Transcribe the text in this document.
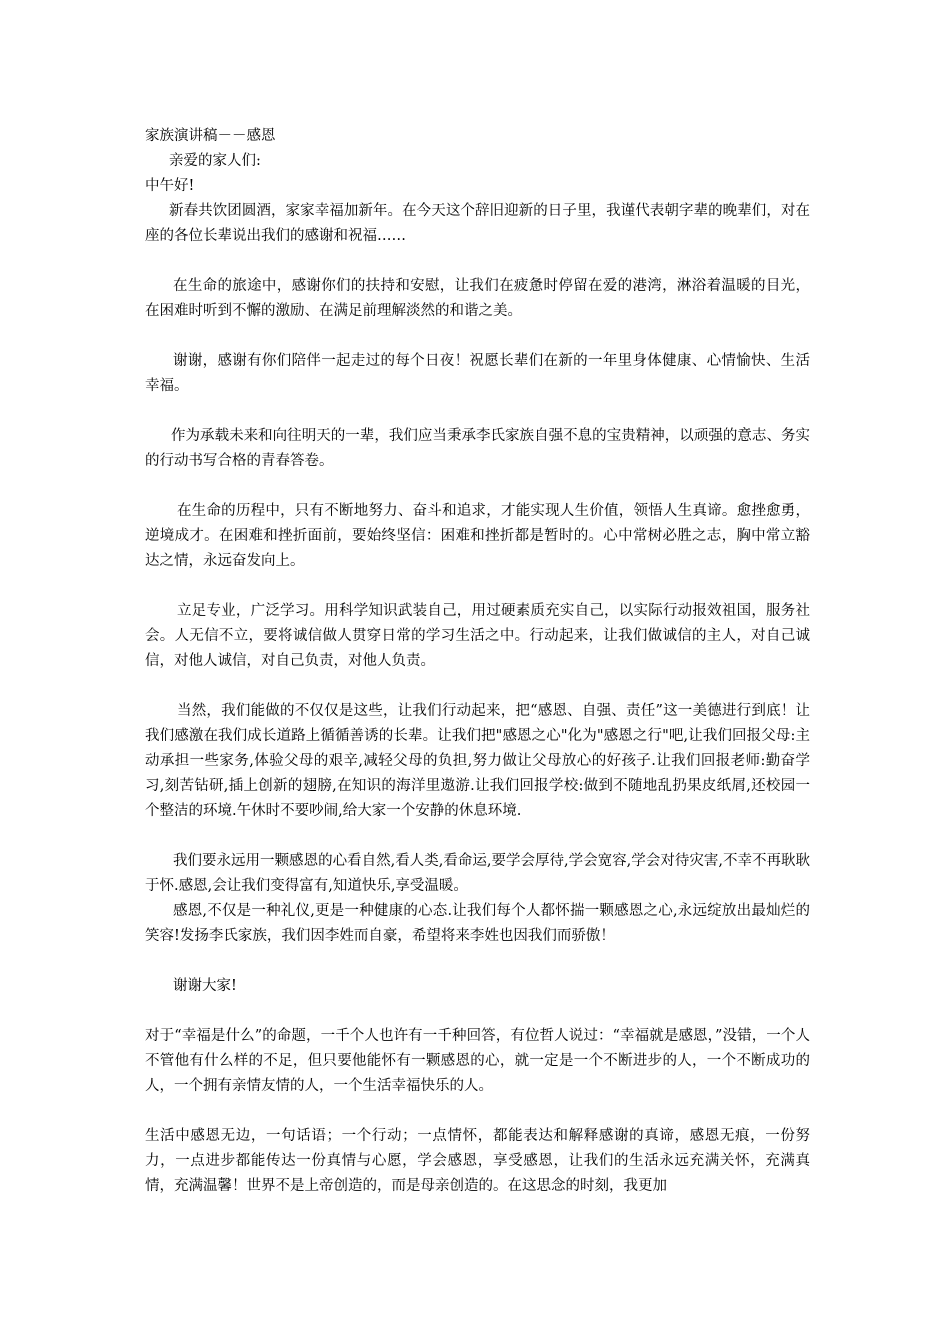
家族演讲稿－－感恩
亲爱的家人们:
中午好!

新春共饮团圆酒，家家幸福加新年。在今天这个辞旧迎新的日子里，我谨代表朝字辈的晚辈们，对在座的各位长辈说出我们的感谢和祝福……

在生命的旅途中，感谢你们的扶持和安慰，让我们在疲惫时停留在爱的港湾，淋浴着温暖的目光，在困难时听到不懈的激励、在满足前理解淡然的和谐之美。

谢谢，感谢有你们陪伴一起走过的每个日夜！祝愿长辈们在新的一年里身体健康、心情愉快、生活幸福。

作为承载未来和向往明天的一辈，我们应当秉承李氏家族自强不息的宝贵精神，以顽强的意志、务实的行动书写合格的青春答卷。

在生命的历程中，只有不断地努力、奋斗和追求，才能实现人生价值，领悟人生真谛。愈挫愈勇，逆境成才。在困难和挫折面前，要始终坚信：困难和挫折都是暂时的。心中常树必胜之志，胸中常立豁达之情，永远奋发向上。

立足专业，广泛学习。用科学知识武装自己，用过硬素质充实自己，以实际行动报效祖国，服务社会。人无信不立，要将诚信做人贯穿日常的学习生活之中。行动起来，让我们做诚信的主人，对自己诚信，对他人诚信，对自己负责，对他人负责。

当然，我们能做的不仅仅是这些，让我们行动起来，把“感恩、自强、责任”这一美德进行到底！让我们感激在我们成长道路上循循善诱的长辈。让我们把"感恩之心"化为"感恩之行"吧,让我们回报父母:主动承担一些家务,体验父母的艰辛,减轻父母的负担,努力做让父母放心的好孩子.让我们回报老师:勤奋学习,刻苦钻研,插上创新的翅膀,在知识的海洋里遨游.让我们回报学校:做到不随地乱扔果皮纸屑,还校园一个整洁的环境.午休时不要吵闹,给大家一个安静的休息环境.

我们要永远用一颗感恩的心看自然,看人类,看命运,要学会厚待,学会宽容,学会对待灾害,不幸不再耿耿于怀.感恩,会让我们变得富有,知道快乐,享受温暖。

感恩,不仅是一种礼仪,更是一种健康的心态.让我们每个人都怀揣一颗感恩之心,永远绽放出最灿烂的笑容!发扬李氏家族，我们因李姓而自豪，希望将来李姓也因我们而骄傲！

谢谢大家!

对于“幸福是什么”的命题，一千个人也许有一千种回答，有位哲人说过：“幸福就是感恩，”没错，一个人不管他有什么样的不足，但只要他能怀有一颗感恩的心，就一定是一个不断进步的人，一个不断成功的人，一个拥有亲情友情的人，一个生活幸福快乐的人。

生活中感恩无边，一句话语；一个行动；一点情怀，都能表达和解释感谢的真谛，感恩无痕，一份努力，一点进步都能传达一份真情与心愿，学会感恩，享受感恩，让我们的生活永远充满关怀，充满真情，充满温馨！世界不是上帝创造的，而是母亲创造的。在这思念的时刻，我更加
